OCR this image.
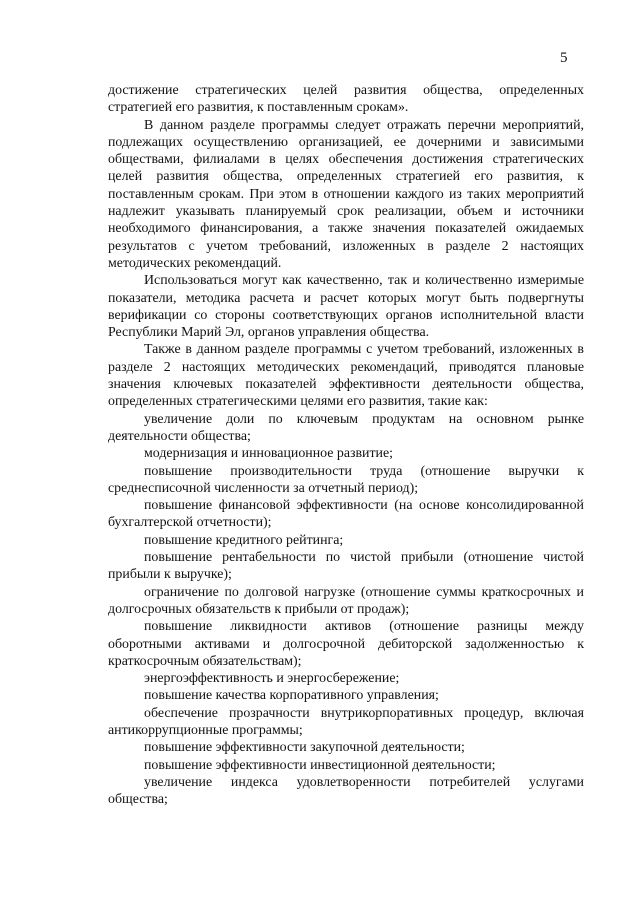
5

достижение стратегических целей развития общества, определенных стратегией его развития, к поставленным срокам».

В данном разделе программы следует отражать перечни мероприятий, подлежащих осуществлению организацией, ее дочерними и зависимыми обществами, филиалами в целях обеспечения достижения стратегических целей развития общества, определенных стратегией его развития, к поставленным срокам. При этом в отношении каждого из таких мероприятий надлежит указывать планируемый срок реализации, объем и источники необходимого финансирования, а также значения показателей ожидаемых результатов с учетом требований, изложенных в разделе 2 настоящих методических рекомендаций.

Использоваться могут как качественно, так и количественно измеримые показатели, методика расчета и расчет которых могут быть подвергнуты верификации со стороны соответствующих органов исполнительной власти Республики Марий Эл, органов управления общества.

Также в данном разделе программы с учетом требований, изложенных в разделе 2 настоящих методических рекомендаций, приводятся плановые значения ключевых показателей эффективности деятельности общества, определенных стратегическими целями его развития, такие как:

увеличение доли по ключевым продуктам на основном рынке деятельности общества;

модернизация и инновационное развитие;

повышение производительности труда (отношение выручки к среднесписочной численности за отчетный период);

повышение финансовой эффективности (на основе консолидированной бухгалтерской отчетности);

повышение кредитного рейтинга;

повышение рентабельности по чистой прибыли (отношение чистой прибыли к выручке);

ограничение по долговой нагрузке (отношение суммы краткосрочных и долгосрочных обязательств к прибыли от продаж);

повышение ликвидности активов (отношение разницы между оборотными активами и долгосрочной дебиторской задолженностью к краткосрочным обязательствам);

энергоэффективность и энергосбережение;

повышение качества корпоративного управления;

обеспечение прозрачности внутрикорпоративных процедур, включая антикоррупционные программы;

повышение эффективности закупочной деятельности;

повышение эффективности инвестиционной деятельности;

увеличение индекса удовлетворенности потребителей услугами общества;
